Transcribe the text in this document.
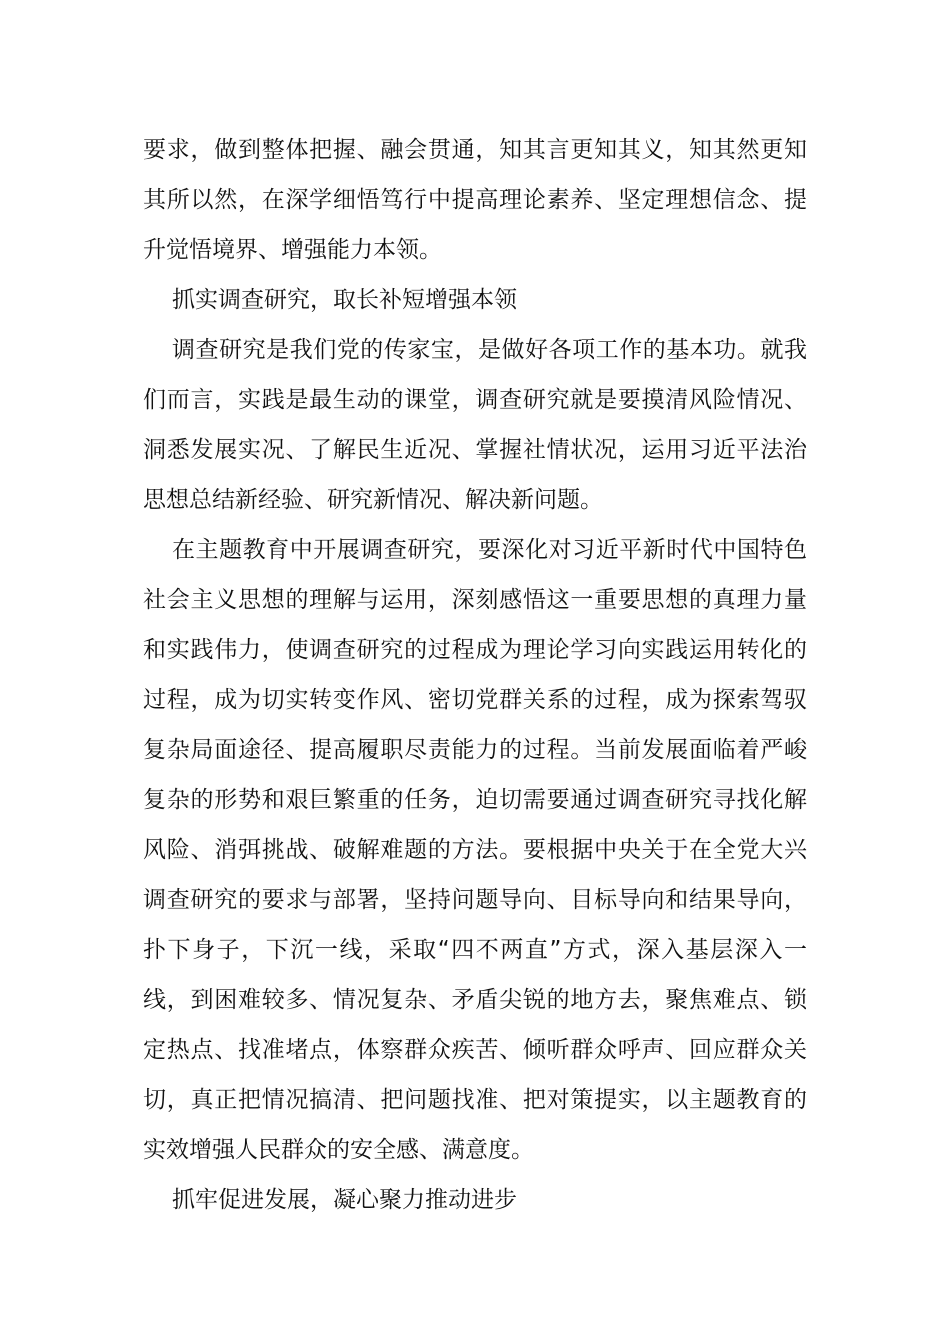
要求，做到整体把握、融会贯通，知其言更知其义，知其然更知其所以然，在深学细悟笃行中提高理论素养、坚定理想信念、提升觉悟境界、增强能力本领。

抓实调查研究，取长补短增强本领

调查研究是我们党的传家宝，是做好各项工作的基本功。就我们而言，实践是最生动的课堂，调查研究就是要摸清风险情况、洞悉发展实况、了解民生近况、掌握社情状况，运用习近平法治思想总结新经验、研究新情况、解决新问题。

在主题教育中开展调查研究，要深化对习近平新时代中国特色社会主义思想的理解与运用，深刻感悟这一重要思想的真理力量和实践伟力，使调查研究的过程成为理论学习向实践运用转化的过程，成为切实转变作风、密切党群关系的过程，成为探索驾驭复杂局面途径、提高履职尽责能力的过程。当前发展面临着严峻复杂的形势和艰巨繁重的任务，迫切需要通过调查研究寻找化解风险、消弭挑战、破解难题的方法。要根据中央关于在全党大兴调查研究的要求与部署，坚持问题导向、目标导向和结果导向，扑下身子，下沉一线，采取“四不两直”方式，深入基层深入一线，到困难较多、情况复杂、矛盾尖锐的地方去，聚焦难点、锁定热点、找准堵点，体察群众疾苦、倾听群众呼声、回应群众关切，真正把情况搞清、把问题找准、把对策提实，以主题教育的实效增强人民群众的安全感、满意度。

抓牢促进发展，凝心聚力推动进步
